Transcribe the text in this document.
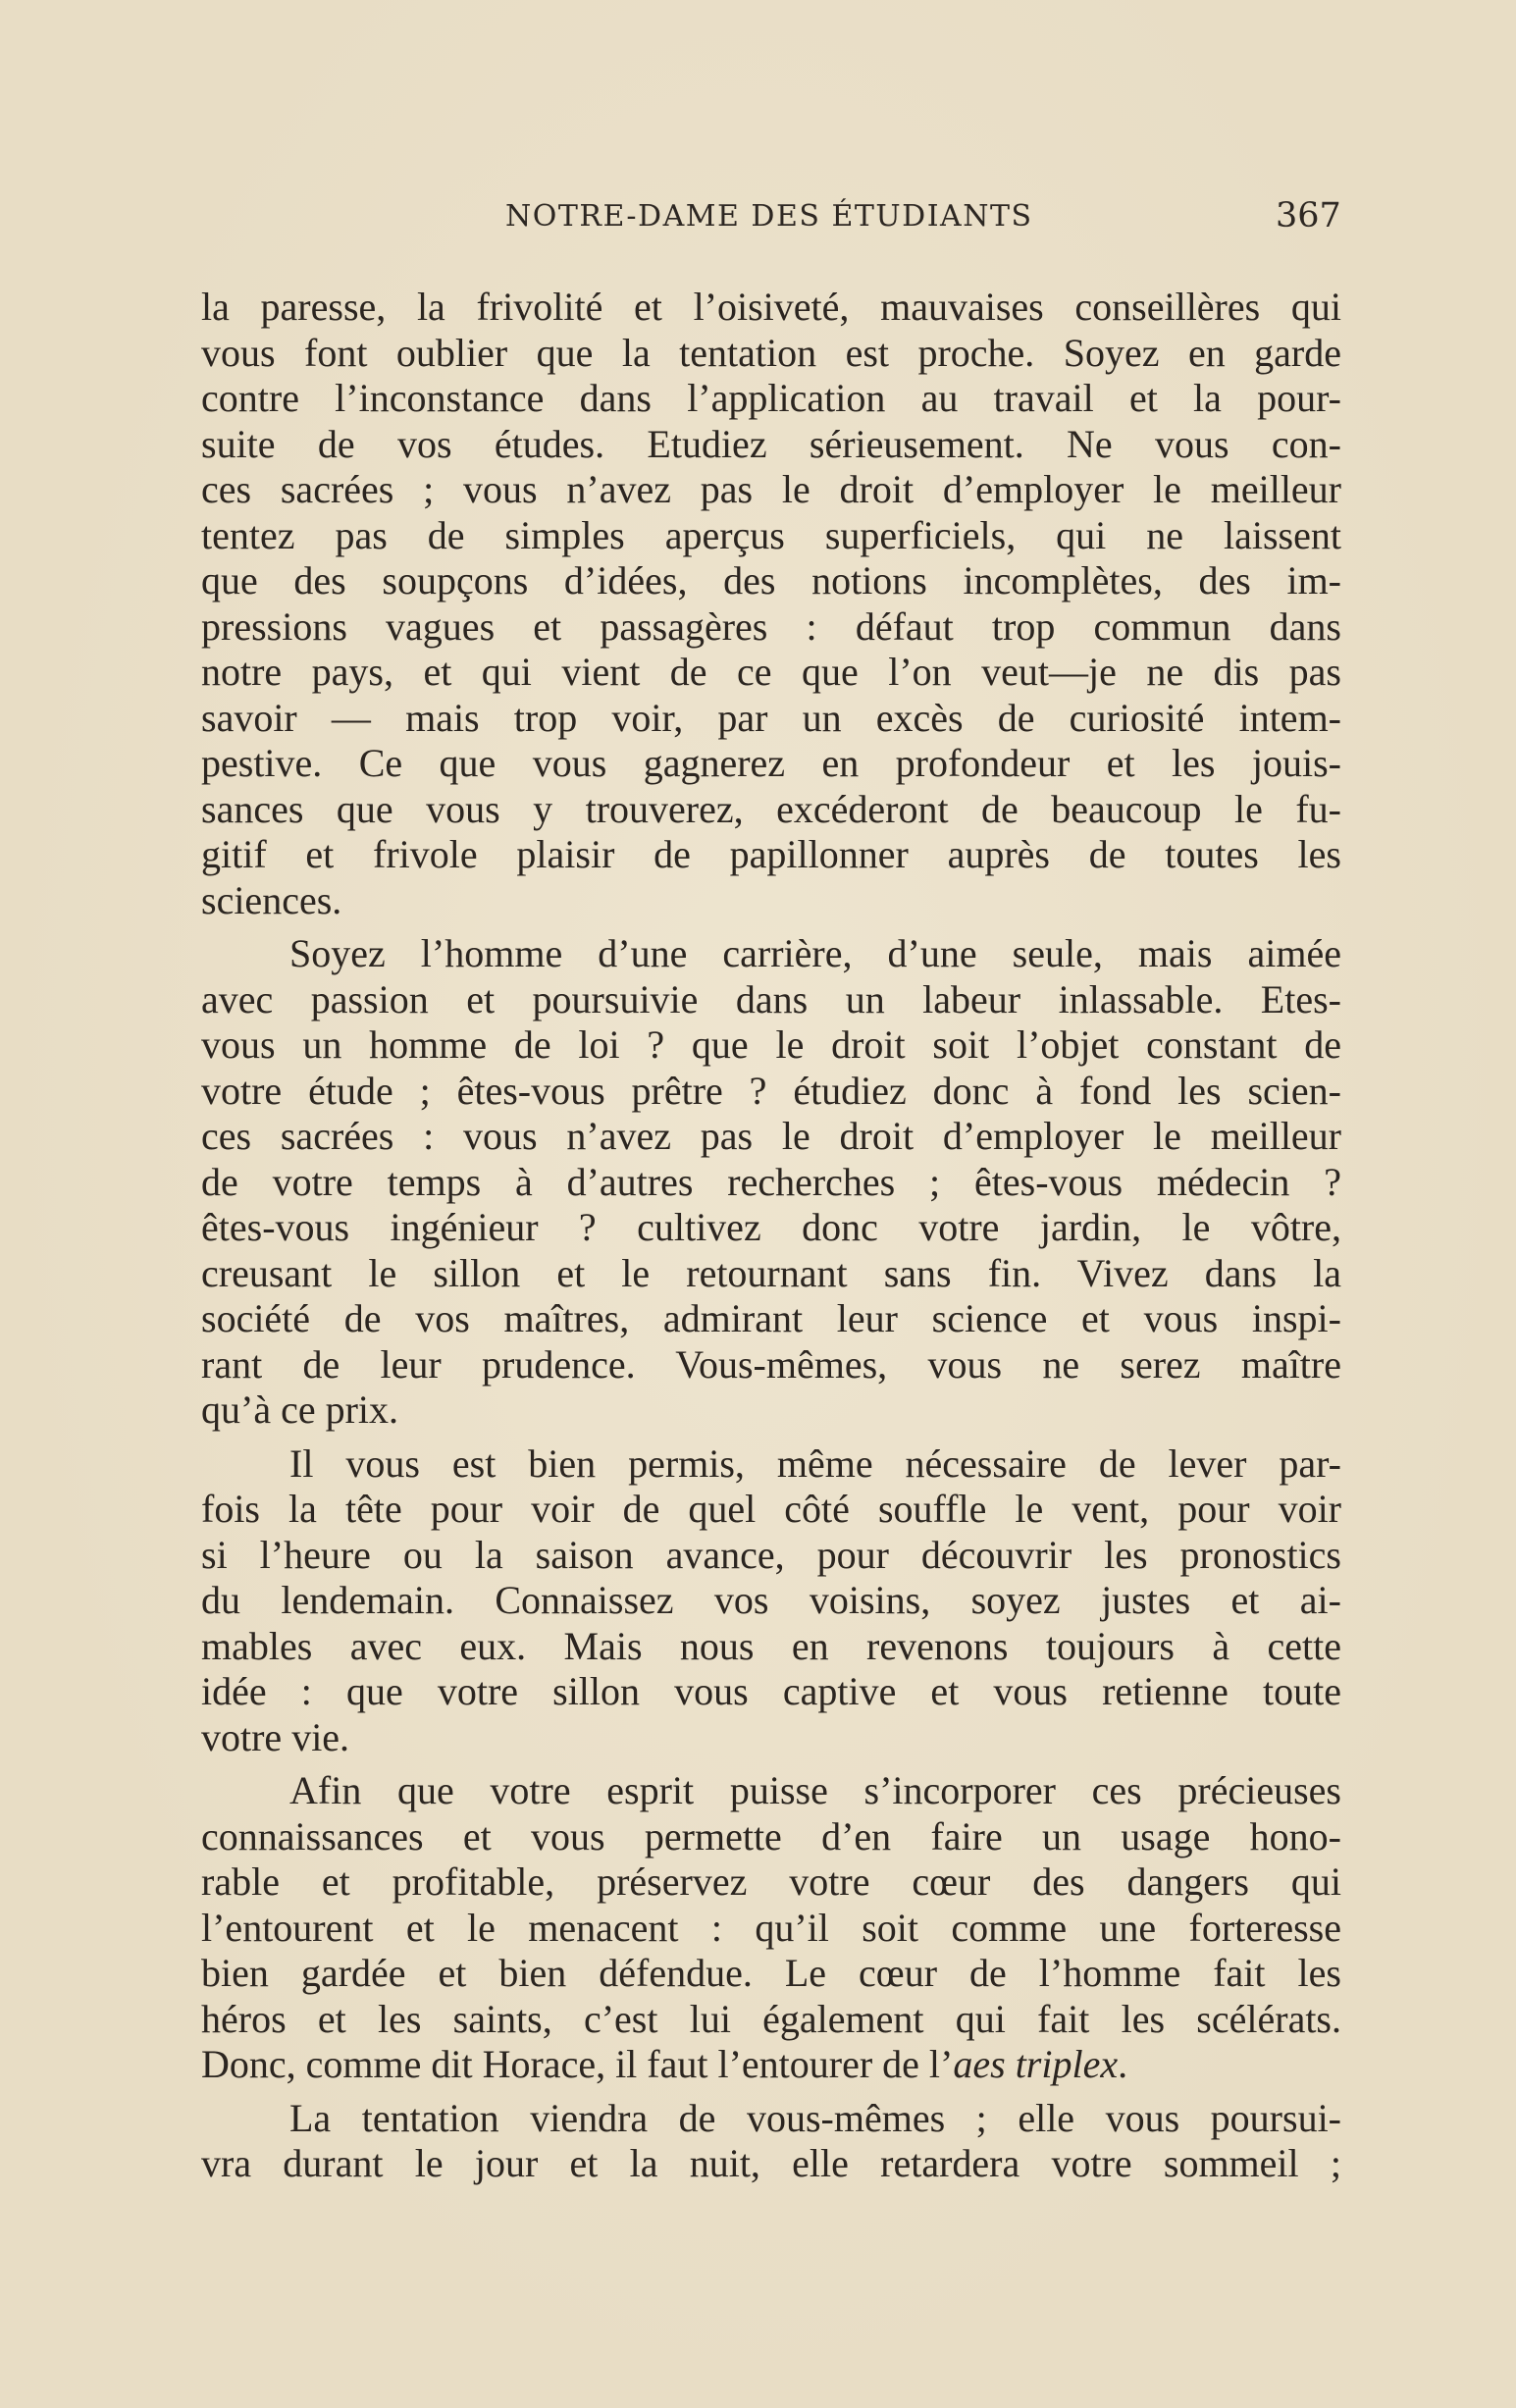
NOTRE-DAME DES ÉTUDIANTS	367
la paresse, la frivolité et l’oisiveté, mauvaises conseillères qui
vous font oublier que la tentation est proche. Soyez en garde
contre l’inconstance dans l’application au travail et la pour-
suite de vos études. Etudiez sérieusement. Ne vous con-
ces sacrées ; vous n’avez pas le droit d’employer le meilleur
tentez pas de simples aperçus superficiels, qui ne laissent
que des soupçons d’idées, des notions incomplètes, des im-
pressions vagues et passagères : défaut trop commun dans
notre pays, et qui vient de ce que l’on veut—je ne dis pas
savoir — mais trop voir, par un excès de curiosité intem-
pestive. Ce que vous gagnerez en profondeur et les jouis-
sances que vous y trouverez, excéderont de beaucoup le fu-
gitif et frivole plaisir de papillonner auprès de toutes les
sciences.
Soyez l’homme d’une carrière, d’une seule, mais aimée
avec passion et poursuivie dans un labeur inlassable. Etes-
vous un homme de loi ? que le droit soit l’objet constant de
votre étude ; êtes-vous prêtre ? étudiez donc à fond les scien-
ces sacrées : vous n’avez pas le droit d’employer le meilleur
de votre temps à d’autres recherches ; êtes-vous médecin ?
êtes-vous ingénieur ? cultivez donc votre jardin, le vôtre,
creusant le sillon et le retournant sans fin. Vivez dans la
société de vos maîtres, admirant leur science et vous inspi-
rant de leur prudence. Vous-mêmes, vous ne serez maître
qu’à ce prix.
Il vous est bien permis, même nécessaire de lever par-
fois la tête pour voir de quel côté souffle le vent, pour voir
si l’heure ou la saison avance, pour découvrir les pronostics
du lendemain. Connaissez vos voisins, soyez justes et ai-
mables avec eux. Mais nous en revenons toujours à cette
idée : que votre sillon vous captive et vous retienne toute
votre vie.
Afin que votre esprit puisse s’incorporer ces précieuses
connaissances et vous permette d’en faire un usage hono-
rable et profitable, préservez votre cœur des dangers qui
l’entourent et le menacent : qu’il soit comme une forteresse
bien gardée et bien défendue. Le cœur de l’homme fait les
héros et les saints, c’est lui également qui fait les scélérats.
Donc, comme dit Horace, il faut l’entourer de l’aes triplex.
La tentation viendra de vous-mêmes ; elle vous poursui-
vra durant le jour et la nuit, elle retardera votre sommeil ;
